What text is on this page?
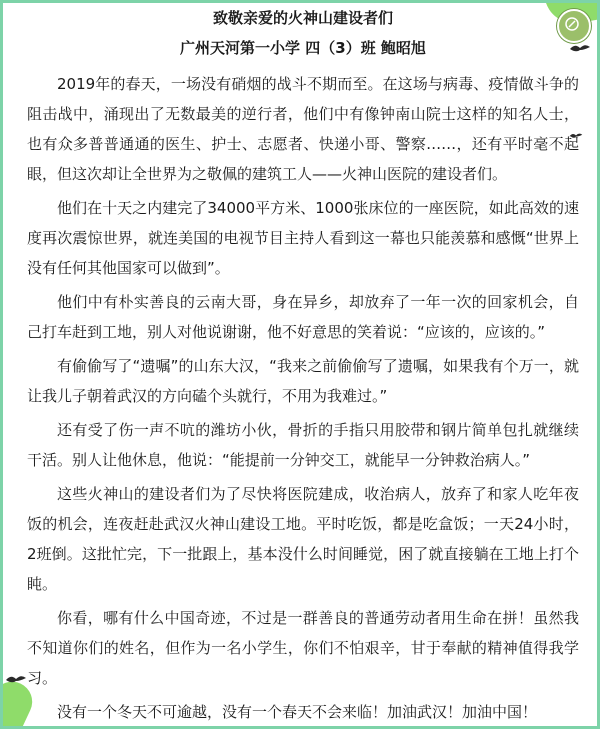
致敬亲爱的火神山建设者们
广州天河第一小学 四（3）班 鲍昭旭

2019年的春天，一场没有硝烟的战斗不期而至。在这场与病毒、疫情做斗争的阻击战中，涌现出了无数最美的逆行者，他们中有像钟南山院士这样的知名人士，也有众多普普通通的医生、护士、志愿者、快递小哥、警察……，还有平时毫不起眼，但这次却让全世界为之敬佩的建筑工人——火神山医院的建设者们。

他们在十天之内建完了34000平方米、1000张床位的一座医院，如此高效的速度再次震惊世界，就连美国的电视节目主持人看到这一幕也只能羡慕和感慨“世界上没有任何其他国家可以做到”。

他们中有朴实善良的云南大哥，身在异乡，却放弃了一年一次的回家机会，自己打车赶到工地，别人对他说谢谢，他不好意思的笑着说：“应该的，应该的。”

有偷偷写了“遗嘱”的山东大汉，“我来之前偷偷写了遗嘱，如果我有个万一，就让我儿子朝着武汉的方向磕个头就行，不用为我难过。”

还有受了伤一声不吭的潍坊小伙，骨折的手指只用胶带和钢片简单包扎就继续干活。别人让他休息，他说：“能提前一分钟交工，就能早一分钟救治病人。”

这些火神山的建设者们为了尽快将医院建成，收治病人，放弃了和家人吃年夜饭的机会，连夜赶赴武汉火神山建设工地。平时吃饭，都是吃盒饭；一天24小时，2班倒。这批忙完，下一批跟上，基本没什么时间睡觉，困了就直接躺在工地上打个盹。

你看，哪有什么中国奇迹，不过是一群善良的普通劳动者用生命在拼！虽然我不知道你们的姓名，但作为一名小学生，你们不怕艰辛，甘于奉献的精神值得我学习。

没有一个冬天不可逾越，没有一个春天不会来临！加油武汉！加油中国！
